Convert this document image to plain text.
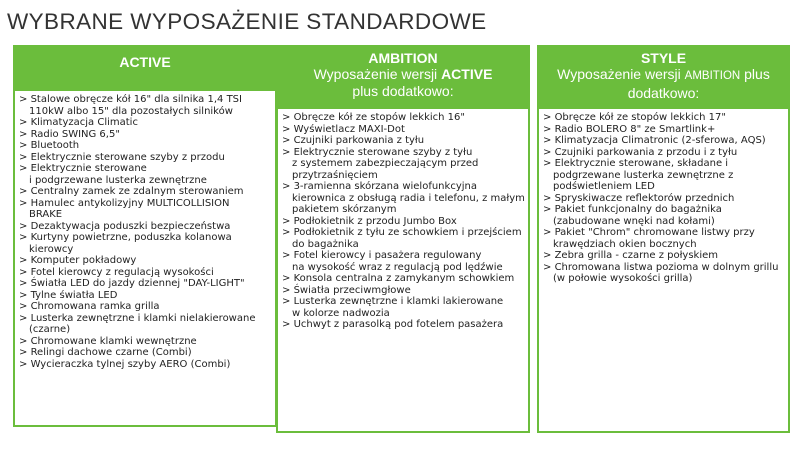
WYBRANE WYPOSAŻENIE STANDARDOWE
ACTIVE
> Stalowe obręcze kół 16" dla silnika 1,4 TSI
110kW albo 15" dla pozostałych silników
> Klimatyzacja Climatic
> Radio SWING 6,5"
> Bluetooth
> Elektrycznie sterowane szyby z przodu
> Elektrycznie sterowane
i podgrzewane lusterka zewnętrzne
> Centralny zamek ze zdalnym sterowaniem
> Hamulec antykolizyjny MULTICOLLISION
BRAKE
> Dezaktywacja poduszki bezpieczeństwa
> Kurtyny powietrzne, poduszka kolanowa
kierowcy
> Komputer pokładowy
> Fotel kierowcy z regulacją wysokości
> Światła LED do jazdy dziennej "DAY-LIGHT"
> Tylne światła LED
> Chromowana ramka grilla
> Lusterka zewnętrzne i klamki nielakierowane
(czarne)
> Chromowane klamki wewnętrzne
> Relingi dachowe czarne (Combi)
> Wycieraczka tylnej szyby AERO (Combi)
AMBITION
Wyposażenie wersji ACTIVE
plus dodatkowo:
> Obręcze kół ze stopów lekkich 16"
> Wyświetlacz MAXI-Dot
> Czujniki parkowania z tyłu
> Elektrycznie sterowane szyby z tyłu
z systemem zabezpieczającym przed
przytrzaśnięciem
> 3-ramienna skórzana wielofunkcyjna
kierownica z obsługą radia i telefonu, z małym
pakietem skórzanym
> Podłokietnik z przodu Jumbo Box
> Podłokietnik z tyłu ze schowkiem i przejściem
do bagażnika
> Fotel kierowcy i pasażera regulowany
na wysokość wraz z regulacją pod lędźwie
> Konsola centralna z zamykanym schowkiem
> Światła przeciwmgłowe
> Lusterka zewnętrzne i klamki lakierowane
w kolorze nadwozia
> Uchwyt z parasolką pod fotelem pasażera
STYLE
Wyposażenie wersji AMBITION plus
dodatkowo:
> Obręcze kół ze stopów lekkich 17"
> Radio BOLERO 8" ze Smartlink+
> Klimatyzacja Climatronic (2-sferowa, AQS)
> Czujniki parkowania z przodu i z tyłu
> Elektrycznie sterowane, składane i
podgrzewane lusterka zewnętrzne z
podświetleniem LED
> Spryskiwacze reflektorów przednich
> Pakiet funkcjonalny do bagażnika
(zabudowane wnęki nad kołami)
> Pakiet "Chrom" chromowane listwy przy
krawędziach okien bocznych
> Zebra grilla - czarne z połyskiem
> Chromowana listwa pozioma w dolnym grillu
(w połowie wysokości grilla)
